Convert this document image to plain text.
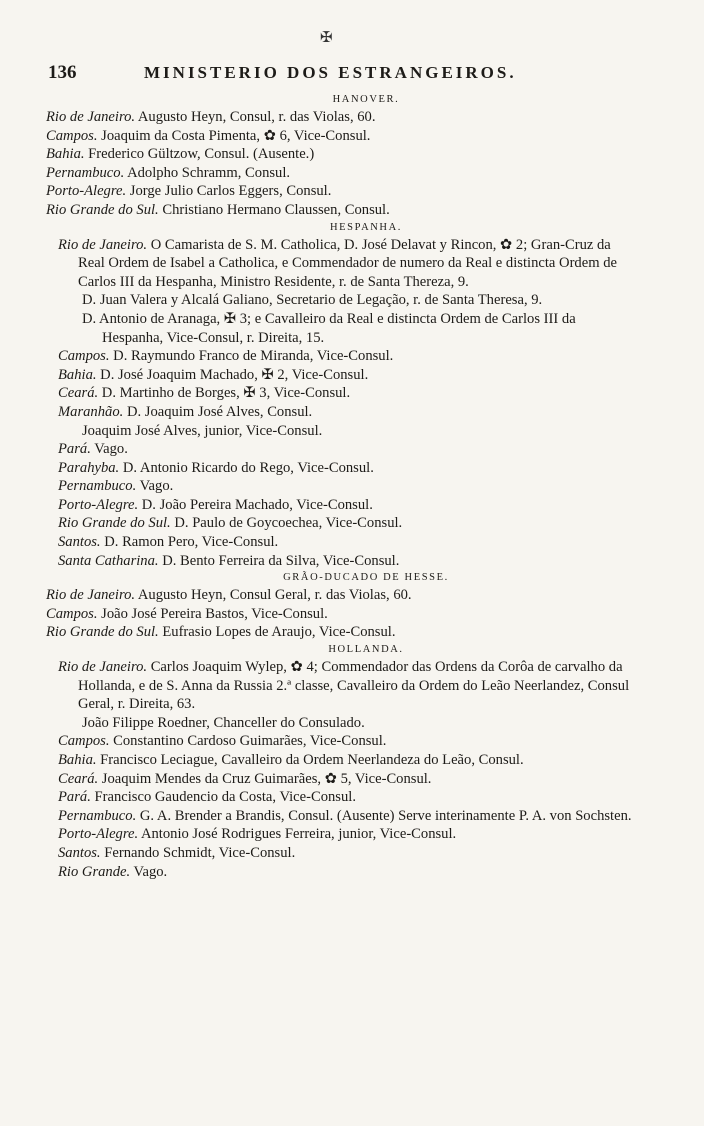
✠
136	MINISTERIO DOS ESTRANGEIROS.
HANOVER.
Rio de Janeiro. Augusto Heyn, Consul, r. das Violas, 60.
Campos. Joaquim da Costa Pimenta, ✿ 6, Vice-Consul.
Bahia. Frederico Gültzow, Consul. (Ausente.)
Pernambuco. Adolpho Schramm, Consul.
Porto-Alegre. Jorge Julio Carlos Eggers, Consul.
Rio Grande do Sul. Christiano Hermano Claussen, Consul.
HESPANHA.
Rio de Janeiro. O Camarista de S. M. Catholica, D. José Delavat y Rincon, ✿ 2; Gran-Cruz da Real Ordem de Isabel a Catholica, e Commendador de numero da Real e distincta Ordem de Carlos III da Hespanha, Ministro Residente, r. de Santa Thereza, 9.
D. Juan Valera y Alcalá Galiano, Secretario de Legação, r. de Santa Theresa, 9.
D. Antonio de Aranaga, ✠ 3; e Cavalleiro da Real e distincta Ordem de Carlos III da Hespanha, Vice-Consul, r. Direita, 15.
Campos. D. Raymundo Franco de Miranda, Vice-Consul.
Bahia. D. José Joaquim Machado, ✠ 2, Vice-Consul.
Ceará. D. Martinho de Borges, ✠ 3, Vice-Consul.
Maranhão. D. Joaquim José Alves, Consul.
Joaquim José Alves, junior, Vice-Consul.
Pará. Vago.
Parahyba. D. Antonio Ricardo do Rego, Vice-Consul.
Pernambuco. Vago.
Porto-Alegre. D. João Pereira Machado, Vice-Consul.
Rio Grande do Sul. D. Paulo de Goycoechea, Vice-Consul.
Santos. D. Ramon Pero, Vice-Consul.
Santa Catharina. D. Bento Ferreira da Silva, Vice-Consul.
GRÃO-DUCADO DE HESSE.
Rio de Janeiro. Augusto Heyn, Consul Geral, r. das Violas, 60.
Campos. João José Pereira Bastos, Vice-Consul.
Rio Grande do Sul. Eufrasio Lopes de Araujo, Vice-Consul.
HOLLANDA.
Rio de Janeiro. Carlos Joaquim Wylep, ✿ 4; Commendador das Ordens da Corôa de carvalho da Hollanda, e de S. Anna da Russia 2.ª classe, Cavalleiro da Ordem do Leão Neerlandez, Consul Geral, r. Direita, 63.
João Filippe Roedner, Chanceller do Consulado.
Campos. Constantino Cardoso Guimarães, Vice-Consul.
Bahia. Francisco Leciague, Cavalleiro da Ordem Neerlandeza do Leão, Consul.
Ceará. Joaquim Mendes da Cruz Guimarães, ✿ 5, Vice-Consul.
Pará. Francisco Gaudencio da Costa, Vice-Consul.
Pernambuco. G. A. Brender a Brandis, Consul. (Ausente) Serve interinamente P. A. von Sochsten.
Porto-Alegre. Antonio José Rodrigues Ferreira, junior, Vice-Consul.
Santos. Fernando Schmidt, Vice-Consul.
Rio Grande. Vago.
